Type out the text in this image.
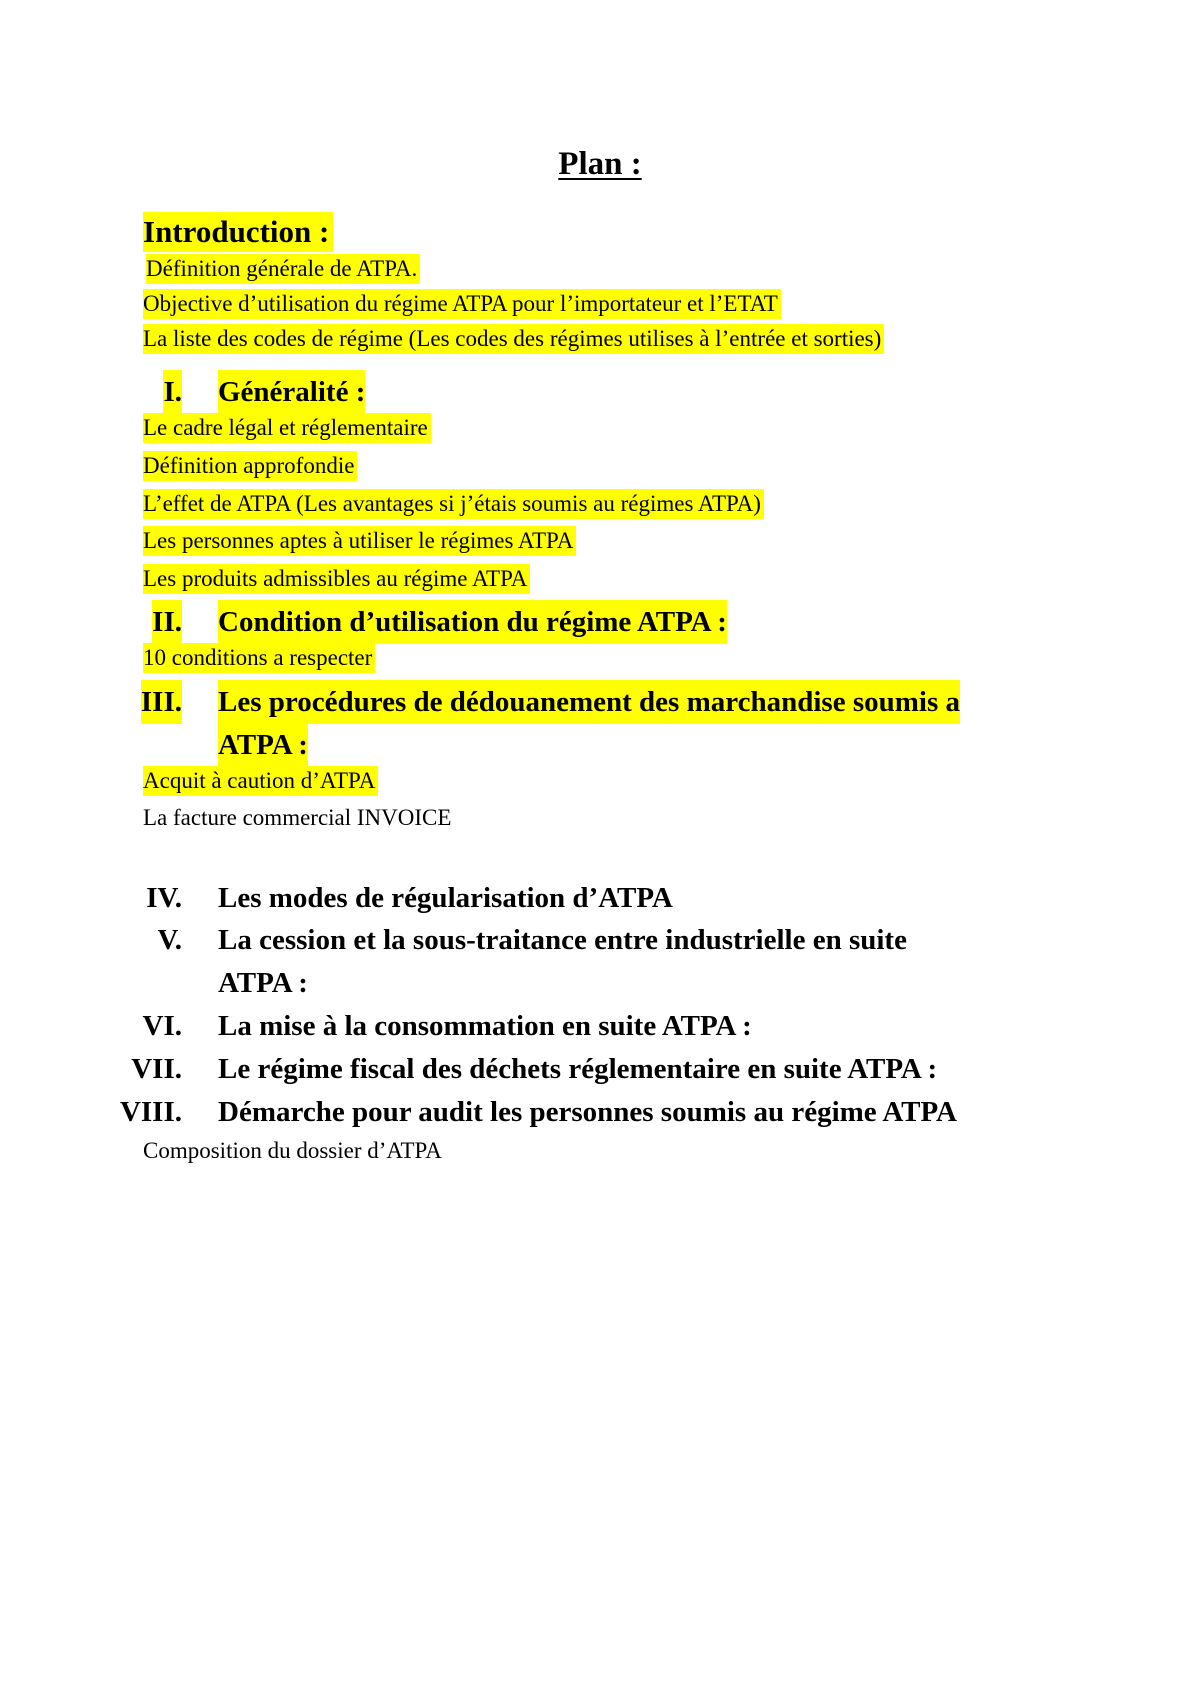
Plan :
Introduction :
Définition générale de ATPA.
Objective d’utilisation du régime ATPA pour l’importateur et l’ETAT
La liste des codes de régime (Les codes des régimes utilises à l’entrée et sorties)
I. Généralité :
Le cadre légal et réglementaire
Définition approfondie
L’effet de ATPA (Les avantages si j’étais soumis au régimes ATPA)
Les personnes aptes à utiliser le régimes ATPA
Les produits admissibles au régime ATPA
II. Condition d’utilisation du régime ATPA :
10 conditions a respecter
III. Les procédures de dédouanement des marchandise soumis a
ATPA :
Acquit à caution d’ATPA
La facture commercial INVOICE
IV. Les modes de régularisation d’ATPA
V. La cession et la sous-traitance entre industrielle en suite
ATPA :
VI. La mise à la consommation en suite ATPA :
VII. Le régime fiscal des déchets réglementaire en suite ATPA :
VIII. Démarche pour audit les personnes soumis au régime ATPA
Composition du dossier d’ATPA
